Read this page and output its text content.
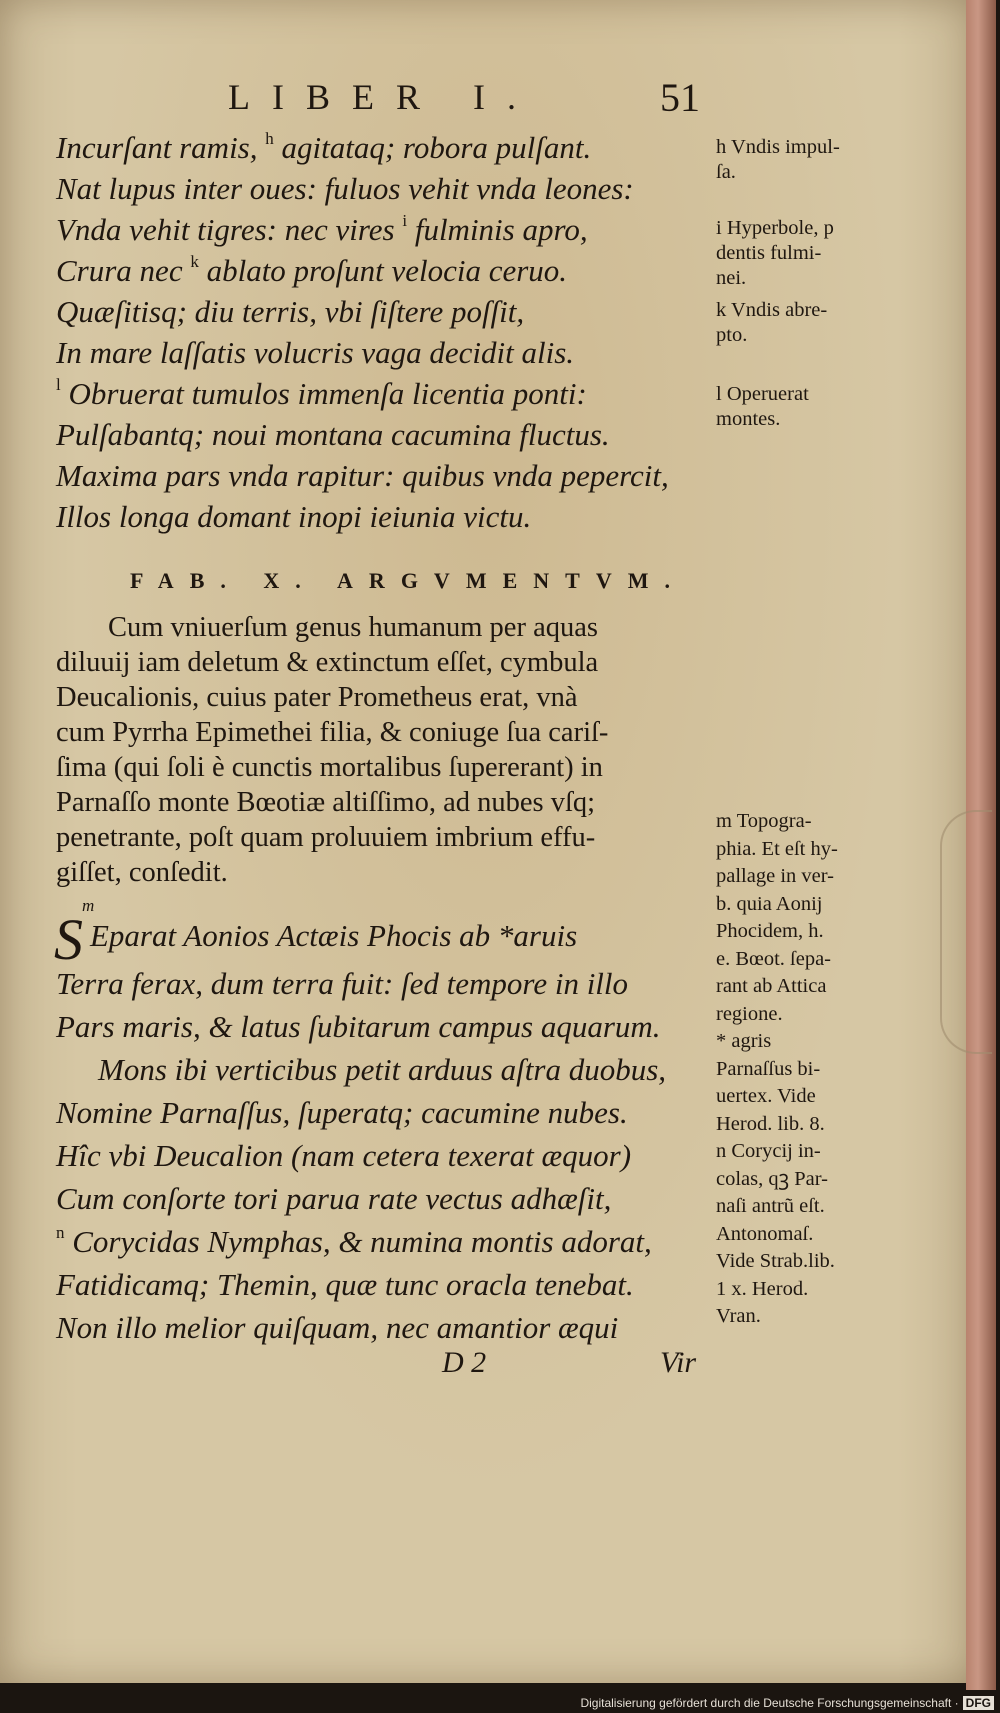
LIBER I.	51
Incurſant ramis, $^h$ agitataq; robora pulſant.
Nat lupus inter oues: fuluos vehit vnda leones:
Vnda vehit tigres: nec vires $^i$ fulminis apro,
Crura nec $^k$ ablato proſunt velocia ceruo.
Quæſitisq; diu terris, vbi ſiſtere poſſit,
In mare laſſatis volucris vaga decidit alis.
$^l$ Obruerat tumulos immenſa licentia ponti:
Pulſabantq; noui montana cacumina fluctus.
Maxima pars vnda rapitur: quibus vnda pepercit,
Illos longa domant inopi ieiunia victu.
FAB. X. ARGVMENTVM.
Cum vniuerſum genus humanum per aquas
diluuij iam deletum & extinctum eſſet, cymbula
Deucalionis, cuius pater Prometheus erat, vnà
cum Pyrrha Epimethei filia, & coniuge ſua cariſ-
ſima (qui ſoli è cunctis mortalibus ſupererant) in
Parnaſſo monte Bœotiæ altiſſimo, ad nubes vſq;
penetrante, poſt quam proluuiem imbrium effu-
giſſet, conſedit.
S
m
Eparat Aonios Actæis Phocis ab *aruis
Terra ferax, dum terra fuit: ſed tempore in illo
Pars maris, & latus ſubitarum campus aquarum.
Mons ibi verticibus petit arduus aſtra duobus,
Nomine Parnaſſus, ſuperatq; cacumine nubes.
Hîc vbi Deucalion (nam cetera texerat æquor)
Cum conſorte tori parua rate vectus adhæſit,
$^n$ Corycidas Nymphas, & numina montis adorat,
Fatidicamq; Themin, quæ tunc oracla tenebat.
Non illo melior quiſquam, nec amantior æqui
D 2	Vir
h Vndis impul-
ſa.
i Hyperbole, p
dentis fulmi-
nei.
k Vndis abre-
pto.
l Operuerat
montes.
m Topogra-
phia. Et eſt hy-
pallage in ver-
b. quia Aonij
Phocidem, h.
e. Bœot. ſepa-
rant ab Attica
regione.
* agris
Parnaſſus bi-
uertex. Vide
Herod. lib. 8.
n Corycij in-
colas, qꝫ Par-
naſi antrũ eſt.
Antonomaſ.
Vide Strab.lib.
1 x. Herod.
Vran.
Digitalisierung gefördert durch die Deutsche Forschungsgemeinschaft · DFG
